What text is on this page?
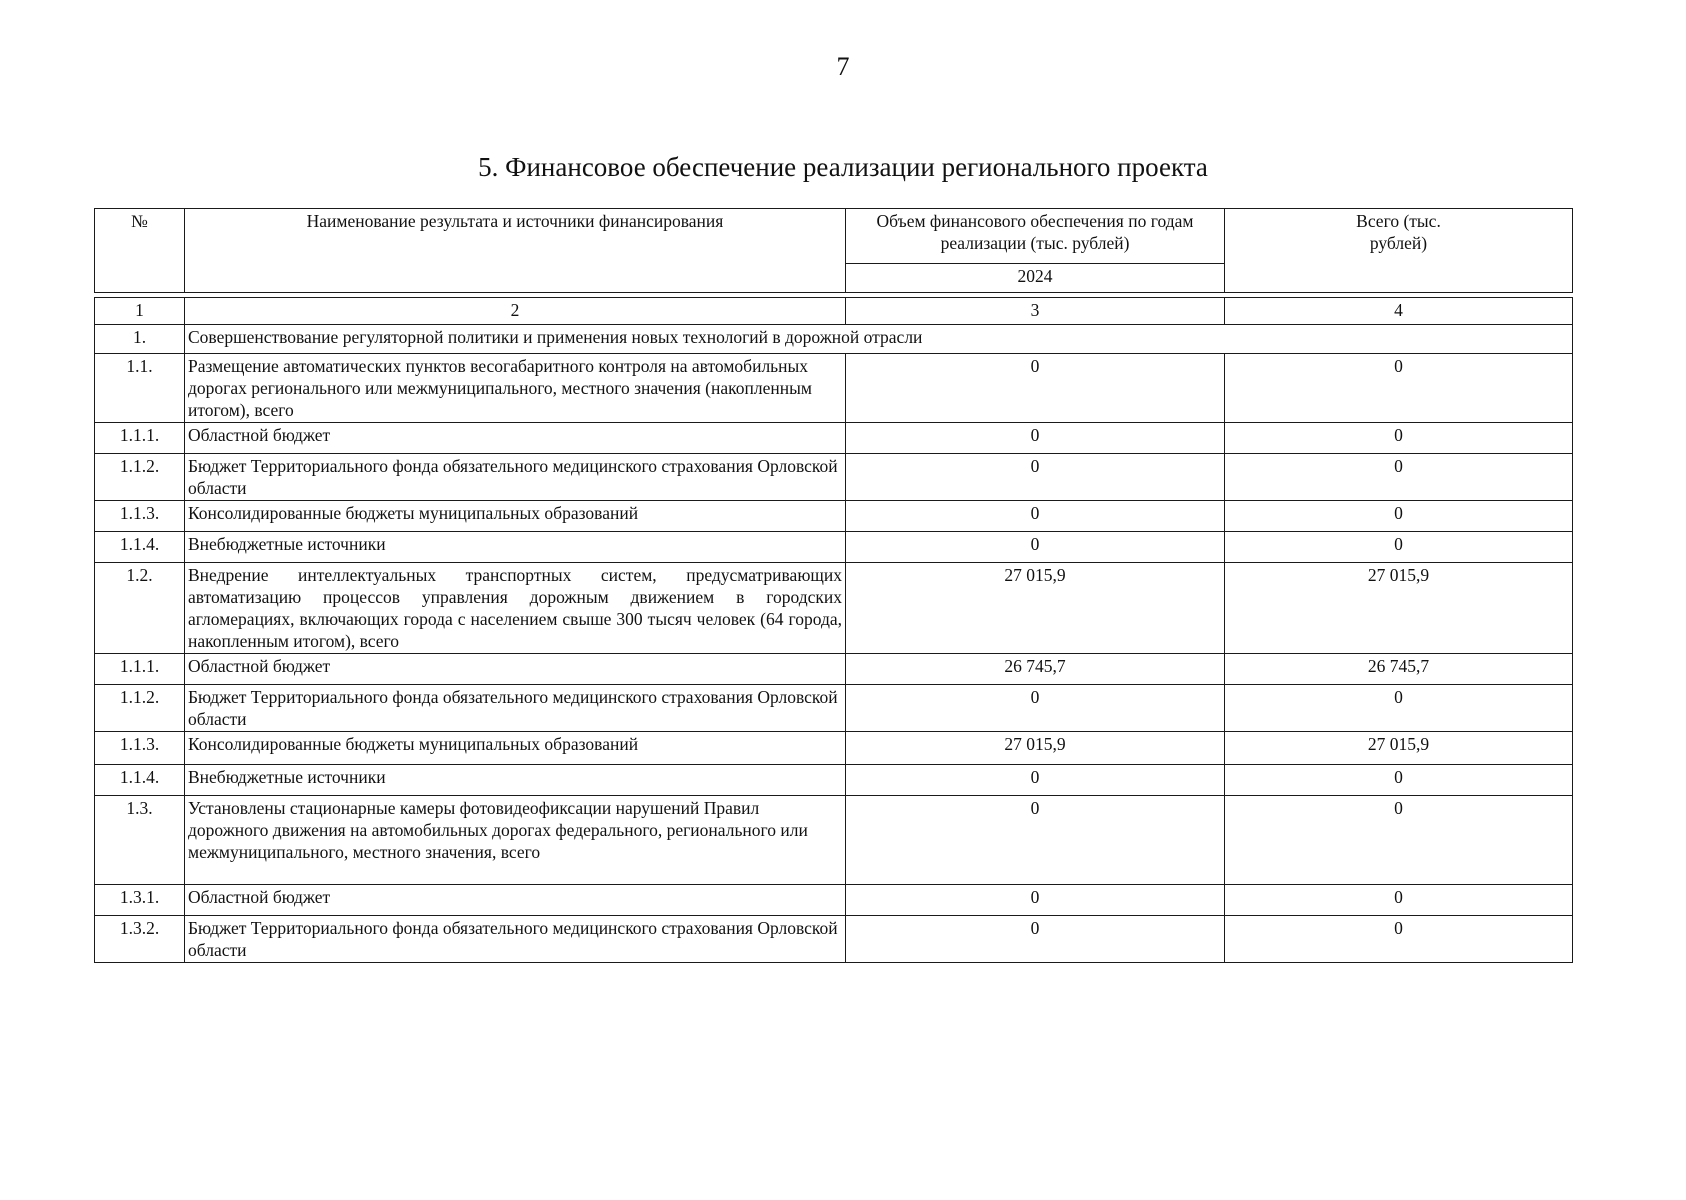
7
5. Финансовое обеспечение реализации регионального проекта
№	Наименование результата и источники финансирования	Объем финансового обеспечения по годам реализации (тыс. рублей)	Всего (тыс. рублей)
		2024	

1	2	3	4
1.	Совершенствование регуляторной политики и применения новых технологий в дорожной отрасли		
1.1.	Размещение автоматических пунктов весогабаритного контроля на автомобильных дорогах регионального или межмуниципального, местного значения (накопленным итогом), всего	0	0
1.1.1.	Областной бюджет	0	0
1.1.2.	Бюджет Территориального фонда обязательного медицинского страхования Орловской области	0	0
1.1.3.	Консолидированные бюджеты муниципальных образований	0	0
1.1.4.	Внебюджетные источники	0	0
1.2.	Внедрение интеллектуальных транспортных систем, предусматривающих автоматизацию процессов управления дорожным движением в городских агломерациях, включающих города с населением свыше 300 тысяч человек (64 города, накопленным итогом), всего	27 015,9	27 015,9
1.1.1.	Областной бюджет	26 745,7	26 745,7
1.1.2.	Бюджет Территориального фонда обязательного медицинского страхования Орловской области	0	0
1.1.3.	Консолидированные бюджеты муниципальных образований	27 015,9	27 015,9
1.1.4.	Внебюджетные источники	0	0
1.3.	Установлены стационарные камеры фотовидеофиксации нарушений Правил дорожного движения на автомобильных дорогах федерального, регионального или межмуниципального, местного значения, всего	0	0
1.3.1.	Областной бюджет	0	0
1.3.2.	Бюджет Территориального фонда обязательного медицинского страхования Орловской области	0	0
